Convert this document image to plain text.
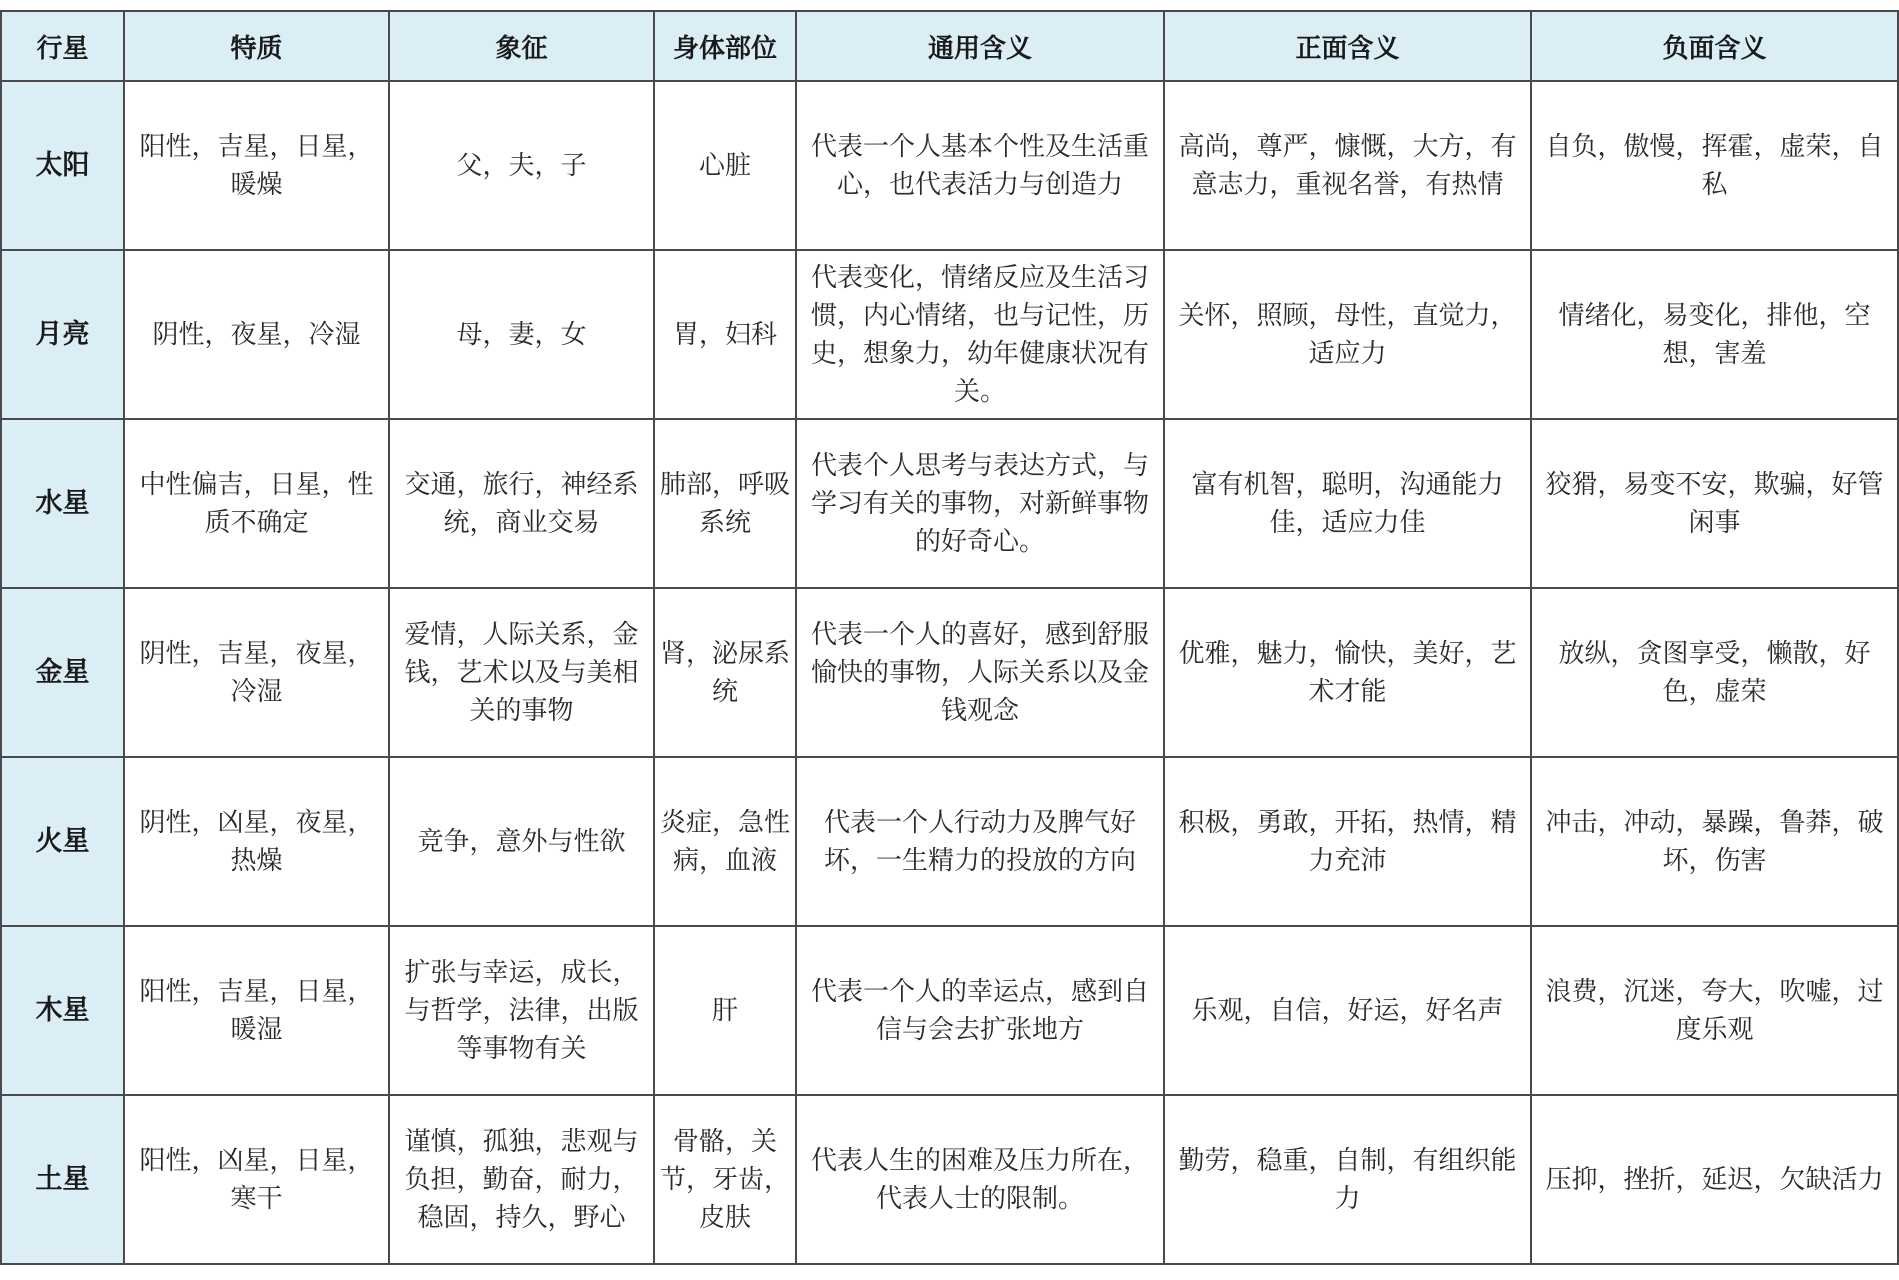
行星	特质	象征	身体部位	通用含义	正面含义	负面含义
太阳	阳性，吉星，日星，暖燥	父，夫，子	心脏	代表一个人基本个性及生活重心，也代表活力与创造力	高尚，尊严，慷慨，大方，有意志力，重视名誉，有热情	自负，傲慢，挥霍，虚荣，自私
月亮	阴性，夜星，冷湿	母，妻，女	胃，妇科	代表变化，情绪反应及生活习惯，内心情绪，也与记性，历史，想象力，幼年健康状况有关。	关怀，照顾，母性，直觉力，适应力	情绪化，易变化，排他，空想，害羞
水星	中性偏吉，日星，性质不确定	交通，旅行，神经系统，商业交易	肺部，呼吸系统	代表个人思考与表达方式，与学习有关的事物，对新鲜事物的好奇心。	富有机智，聪明，沟通能力佳，适应力佳	狡猾，易变不安，欺骗，好管闲事
金星	阴性，吉星，夜星，冷湿	爱情，人际关系，金钱，艺术以及与美相关的事物	肾，泌尿系统	代表一个人的喜好，感到舒服愉快的事物，人际关系以及金钱观念	优雅，魅力，愉快，美好，艺术才能	放纵，贪图享受，懒散，好色，虚荣
火星	阴性，凶星，夜星，热燥	竞争，意外与性欲	炎症，急性病，血液	代表一个人行动力及脾气好坏，一生精力的投放的方向	积极，勇敢，开拓，热情，精力充沛	冲击，冲动，暴躁，鲁莽，破坏，伤害
木星	阳性，吉星，日星，暖湿	扩张与幸运，成长，与哲学，法律，出版等事物有关	肝	代表一个人的幸运点，感到自信与会去扩张地方	乐观，自信，好运，好名声	浪费，沉迷，夸大，吹嘘，过度乐观
土星	阳性，凶星，日星，寒干	谨慎，孤独，悲观与负担，勤奋，耐力，稳固，持久，野心	骨骼，关节，牙齿，皮肤	代表人生的困难及压力所在，代表人士的限制。	勤劳，稳重，自制，有组织能力	压抑，挫折，延迟，欠缺活力
